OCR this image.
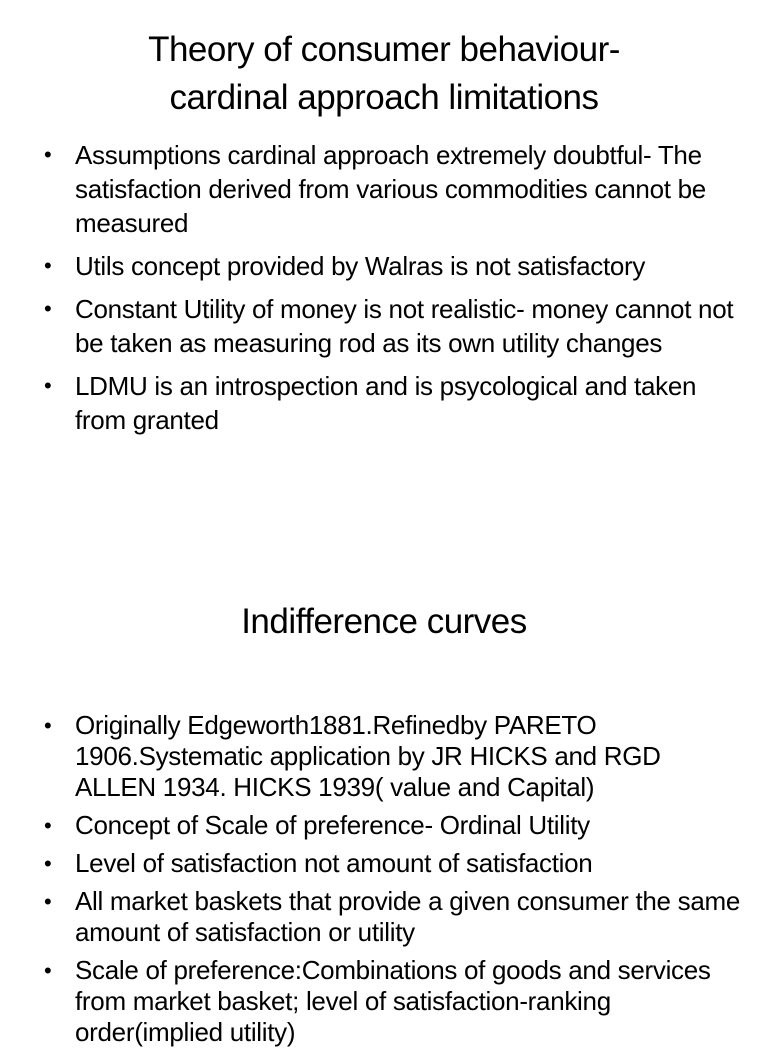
Theory of consumer behaviour-
cardinal approach limitations
• Assumptions cardinal approach extremely doubtful- The satisfaction derived from various commodities cannot be measured
• Utils concept provided by Walras is not satisfactory
• Constant Utility of money is not realistic- money cannot not be taken as measuring rod as its own utility changes
• LDMU is an introspection and is psycological and taken from granted
Indifference curves
• Originally Edgeworth1881.Refinedby PARETO 1906.Systematic application by JR HICKS and RGD ALLEN 1934. HICKS 1939( value and Capital)
• Concept of Scale of preference- Ordinal Utility
• Level of satisfaction not amount of satisfaction
• All market baskets that provide a given consumer the same amount of satisfaction or utility
• Scale of preference:Combinations of goods and services from market basket; level of satisfaction-ranking order(implied utility)
